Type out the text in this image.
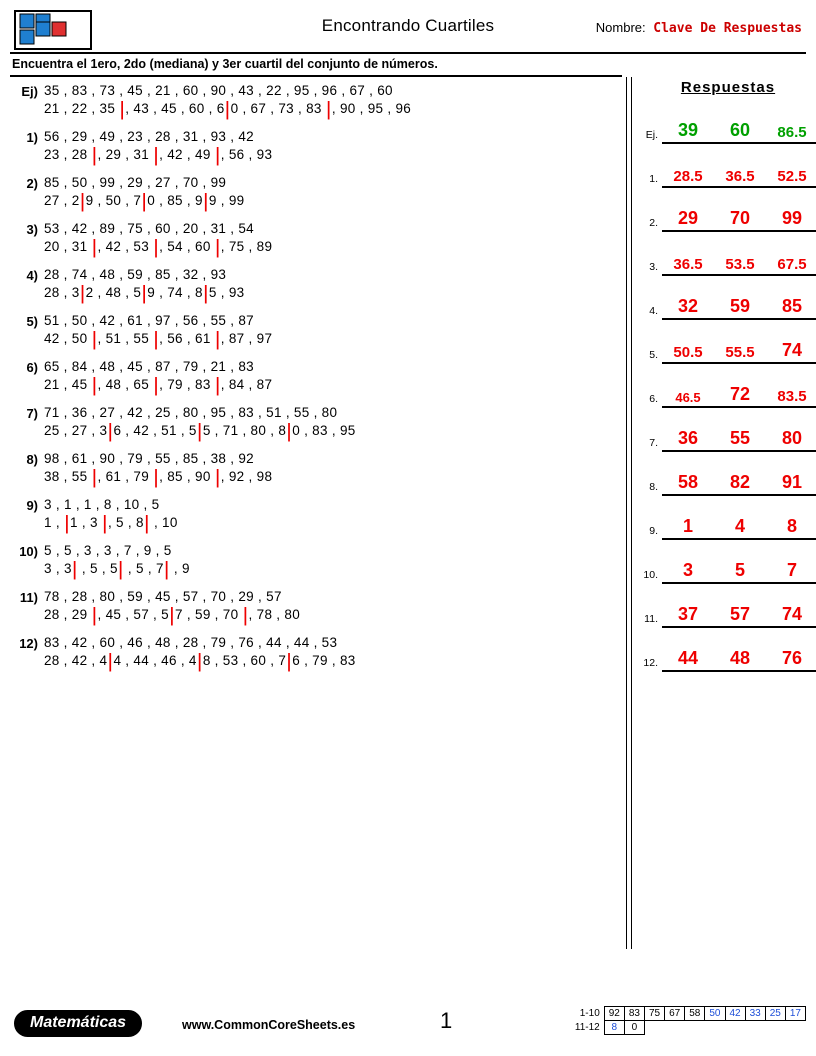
Encontrando Cuartiles	Nombre: Clave De Respuestas
Encuentra el 1ero, 2do (mediana) y 3er cuartil del conjunto de números.
Ej) 35 , 83 , 73 , 45 , 21 , 60 , 90 , 43 , 22 , 95 , 96 , 67 , 60
21 , 22 , 35 |, 43 , 45 , 60 , 6|0 , 67 , 73 , 83 |, 90 , 95 , 96
1) 56 , 29 , 49 , 23 , 28 , 31 , 93 , 42
23 , 28 |, 29 , 31 |, 42 , 49 |, 56 , 93
2) 85 , 50 , 99 , 29 , 27 , 70 , 99
27 , 2|9 , 50 , 7|0 , 85 , 9|9 , 99
3) 53 , 42 , 89 , 75 , 60 , 20 , 31 , 54
20 , 31 |, 42 , 53 |, 54 , 60 |, 75 , 89
4) 28 , 74 , 48 , 59 , 85 , 32 , 93
28 , 3|2 , 48 , 5|9 , 74 , 8|5 , 93
5) 51 , 50 , 42 , 61 , 97 , 56 , 55 , 87
42 , 50 |, 51 , 55 |, 56 , 61 |, 87 , 97
6) 65 , 84 , 48 , 45 , 87 , 79 , 21 , 83
21 , 45 |, 48 , 65 |, 79 , 83 |, 84 , 87
7) 71 , 36 , 27 , 42 , 25 , 80 , 95 , 83 , 51 , 55 , 80
25 , 27 , 3|6 , 42 , 51 , 5|5 , 71 , 80 , 8|0 , 83 , 95
8) 98 , 61 , 90 , 79 , 55 , 85 , 38 , 92
38 , 55 |, 61 , 79 |, 85 , 90 |, 92 , 98
9) 3 , 1 , 1 , 8 , 10 , 5
1 , |1 , 3 |, 5 , 8| , 10
10) 5 , 5 , 3 , 3 , 7 , 9 , 5
3 , 3| , 5 , 5| , 5 , 7| , 9
11) 78 , 28 , 80 , 59 , 45 , 57 , 70 , 29 , 57
28 , 29 |, 45 , 57 , 5|7 , 59 , 70 |, 78 , 80
12) 83 , 42 , 60 , 46 , 48 , 28 , 79 , 76 , 44 , 44 , 53
28 , 42 , 4|4 , 44 , 46 , 4|8 , 53 , 60 , 7|6 , 79 , 83
Respuestas
Ej.	39	60	86.5
1.	28.5	36.5	52.5
2.	29	70	99
3.	36.5	53.5	67.5
4.	32	59	85
5.	50.5	55.5	74
6.	46.5	72	83.5
7.	36	55	80
8.	58	82	91
9.	1	4	8
10.	3	5	7
11.	37	57	74
12.	44	48	76
Matemáticas	www.CommonCoreSheets.es	1	1-10	92	83	75	67	58	50	42	33	25	17
11-12	8	0								
